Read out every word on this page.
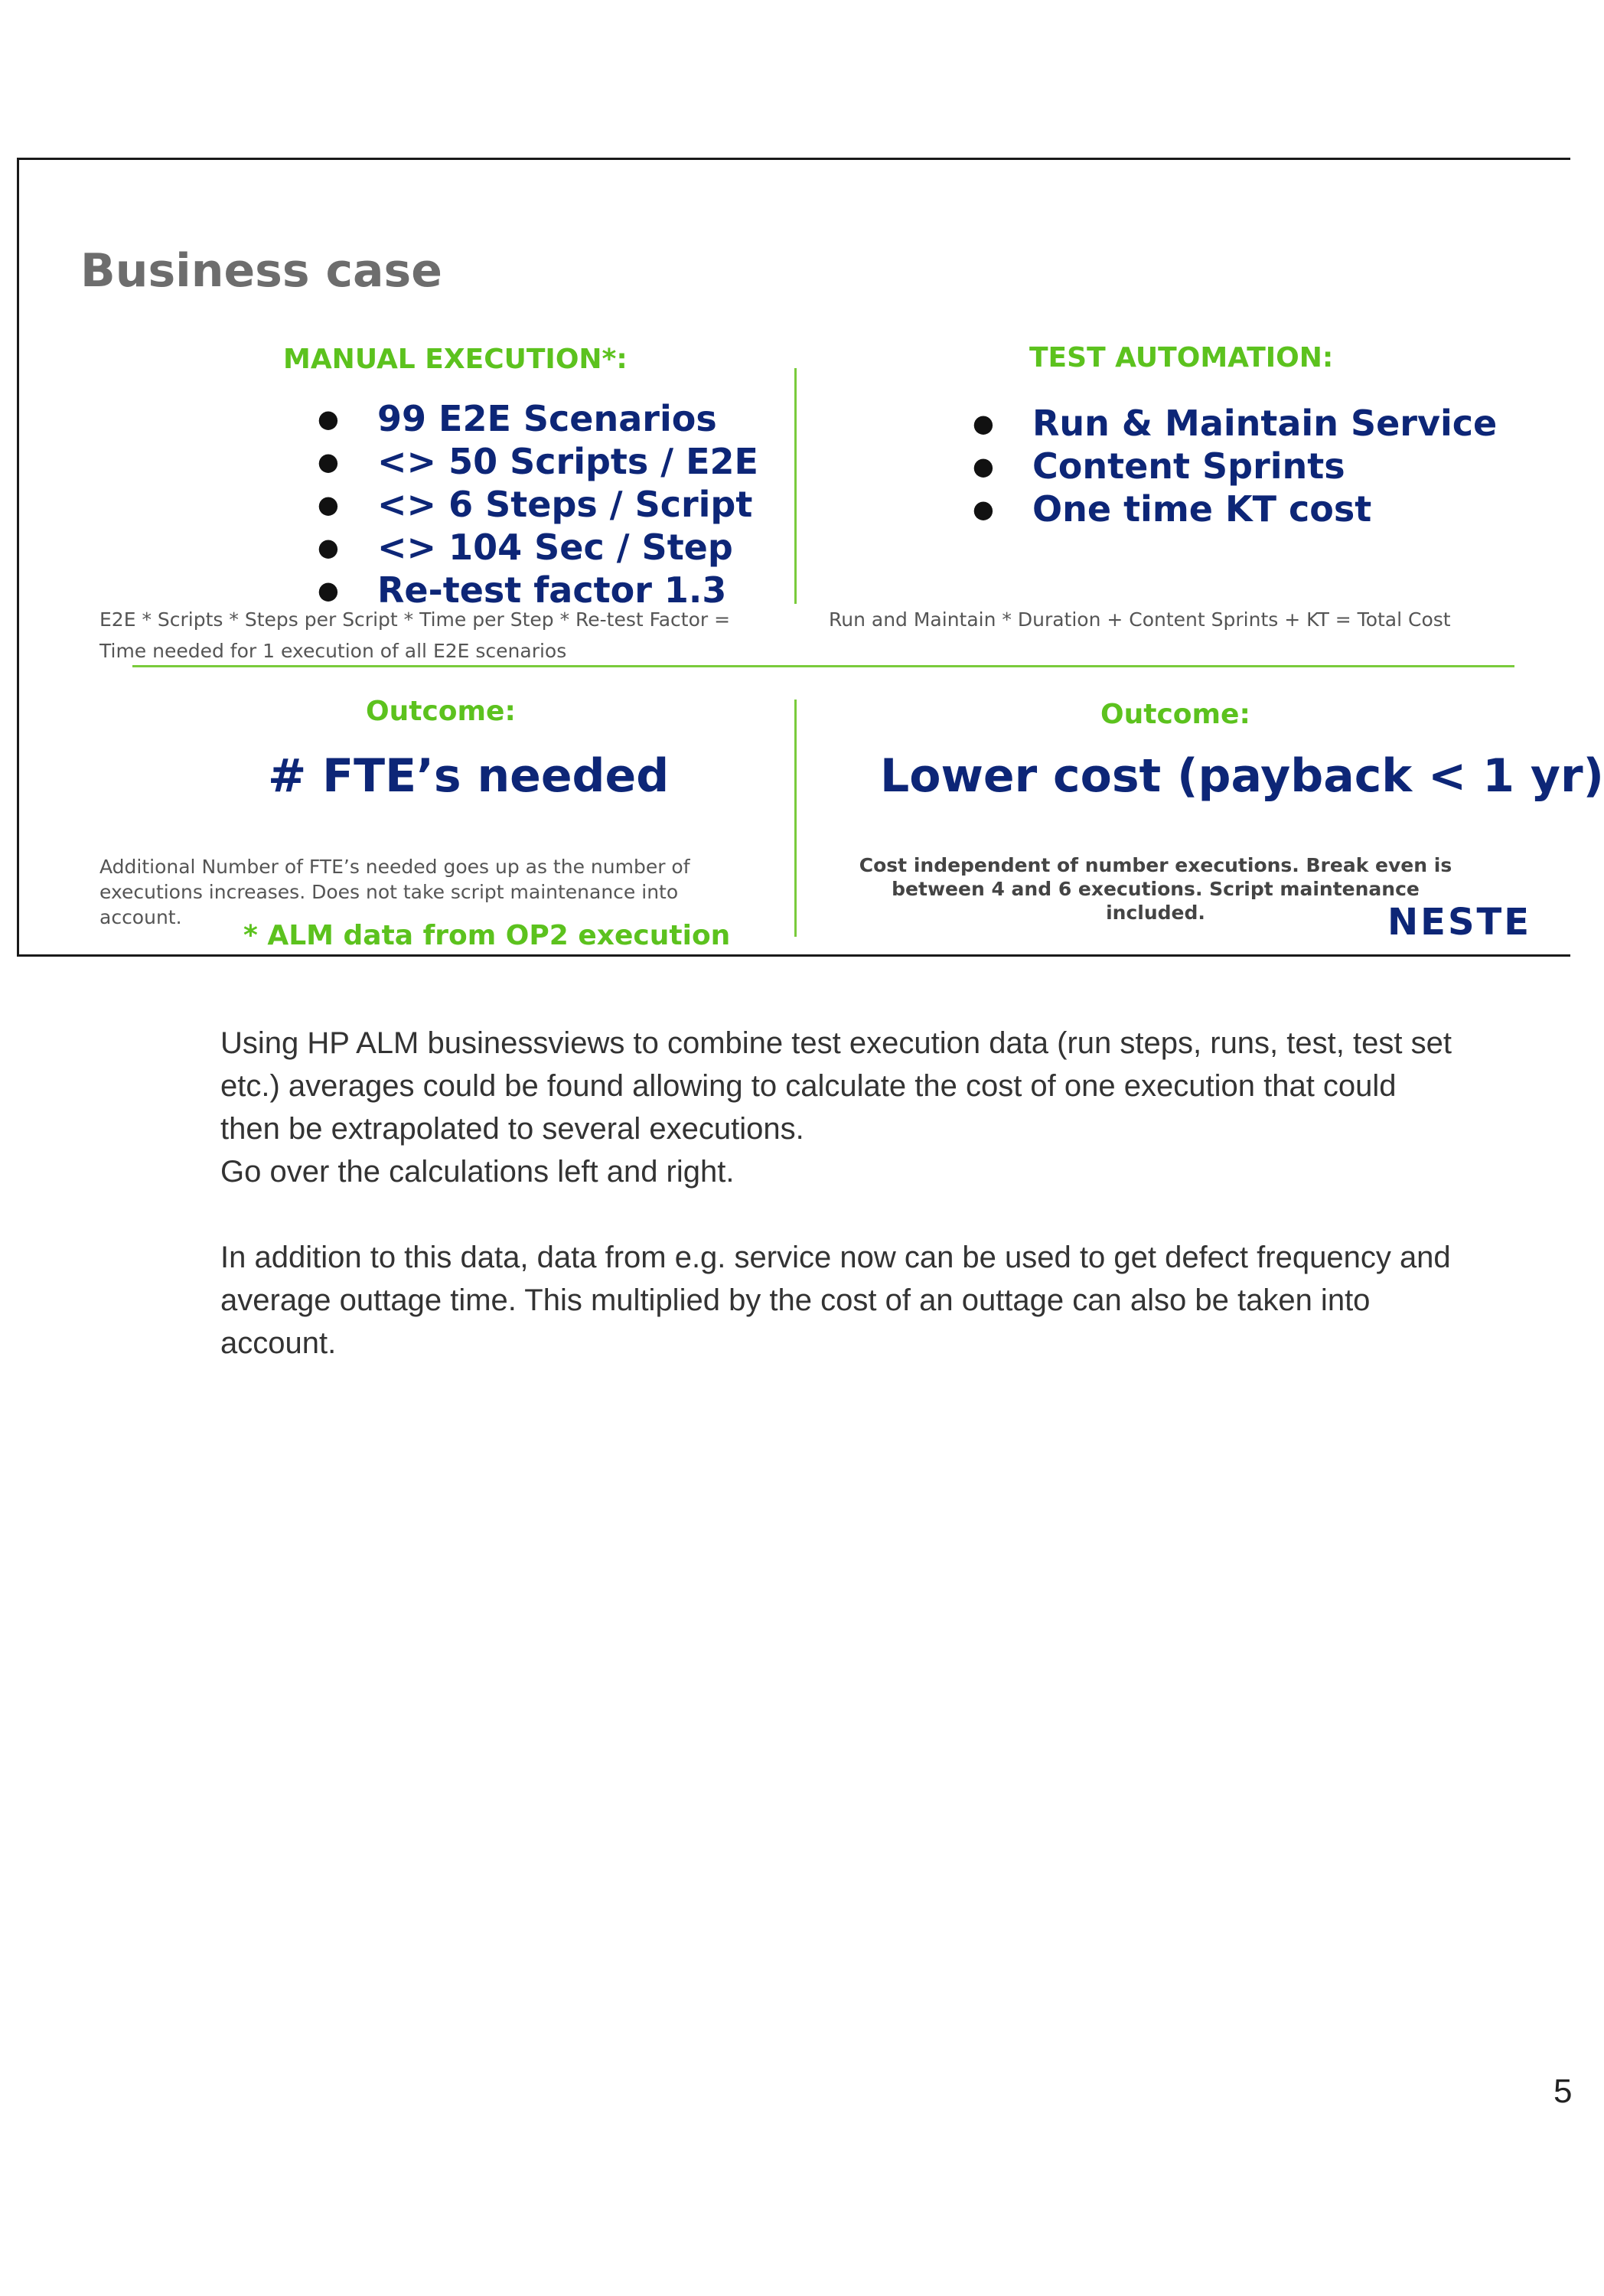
Business case
MANUAL EXECUTION*:
● 99 E2E Scenarios
● <> 50 Scripts / E2E
● <> 6 Steps / Script
● <> 104 Sec / Step
● Re-test factor 1.3
E2E * Scripts * Steps per Script * Time per Step * Re-test Factor =
Time needed for 1 execution of all E2E scenarios
TEST AUTOMATION:
● Run & Maintain Service
● Content Sprints
● One time KT cost
Run and Maintain * Duration + Content Sprints + KT = Total Cost
Outcome:
# FTE’s needed
Additional Number of FTE’s needed goes up as the number of executions increases. Does not take script maintenance into account.
* ALM data from OP2 execution
Outcome:
Lower cost (payback < 1 yr)
Cost independent of number executions. Break even is between 4 and 6 executions. Script maintenance included.	NESTE

Using HP ALM businessviews to combine test execution data (run steps, runs, test, test set etc.) averages could be found allowing to calculate the cost of one execution that could then be extrapolated to several executions.
Go over the calculations left and right.

In addition to this data, data from e.g. service now can be used to get defect frequency and average outtage time. This multiplied by the cost of an outtage can also be taken into account.

5
